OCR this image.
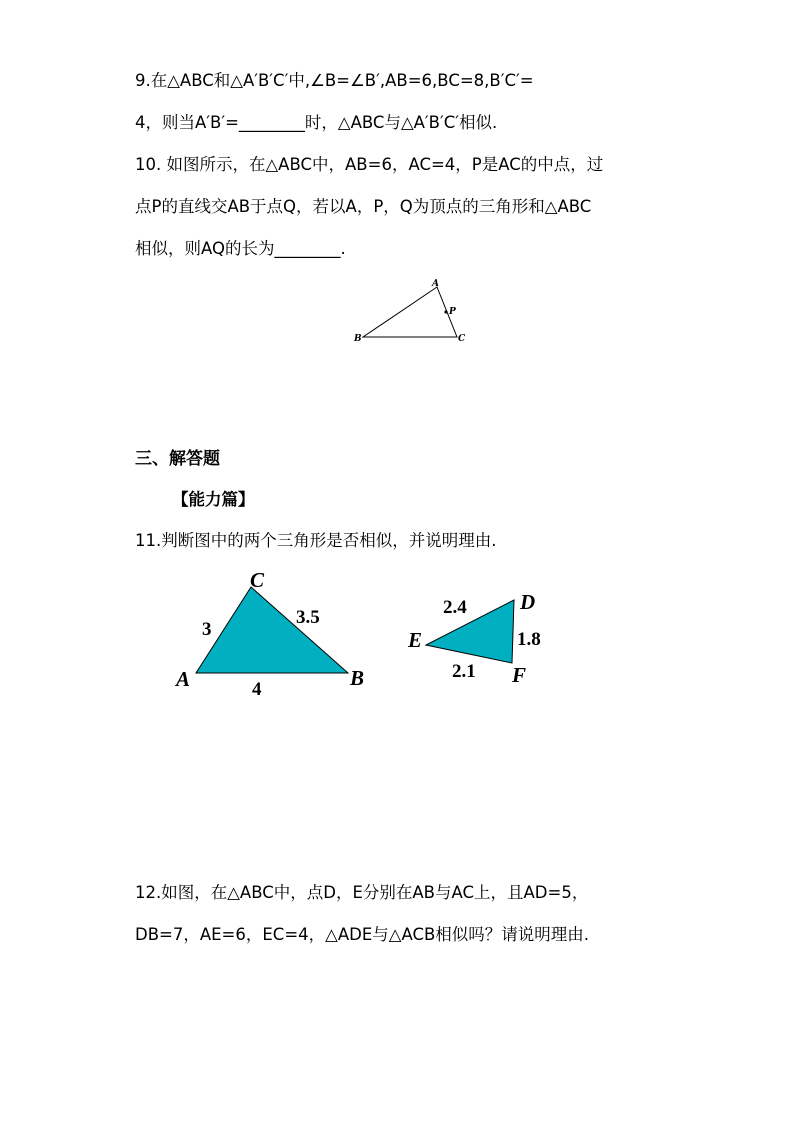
9.在△ABC和△A′B′C′中,∠B=∠B′,AB=6,BC=8,B′C′=
4，则当A′B′=________时，△ABC与△A′B′C′相似.
10. 如图所示，在△ABC中，AB=6，AC=4，P是AC的中点，过
点P的直线交AB于点Q，若以A，P，Q为顶点的三角形和△ABC
相似，则AQ的长为________.
A
P
B	C
三、解答题
【能力篇】
11.判断图中的两个三角形是否相似，并说明理由.
C
A	B
3
3.5
4
D
E
F
2.4
1.8
2.1
12.如图，在△ABC中，点D，E分别在AB与AC上，且AD=5，
DB=7，AE=6，EC=4，△ADE与△ACB相似吗？请说明理由.
